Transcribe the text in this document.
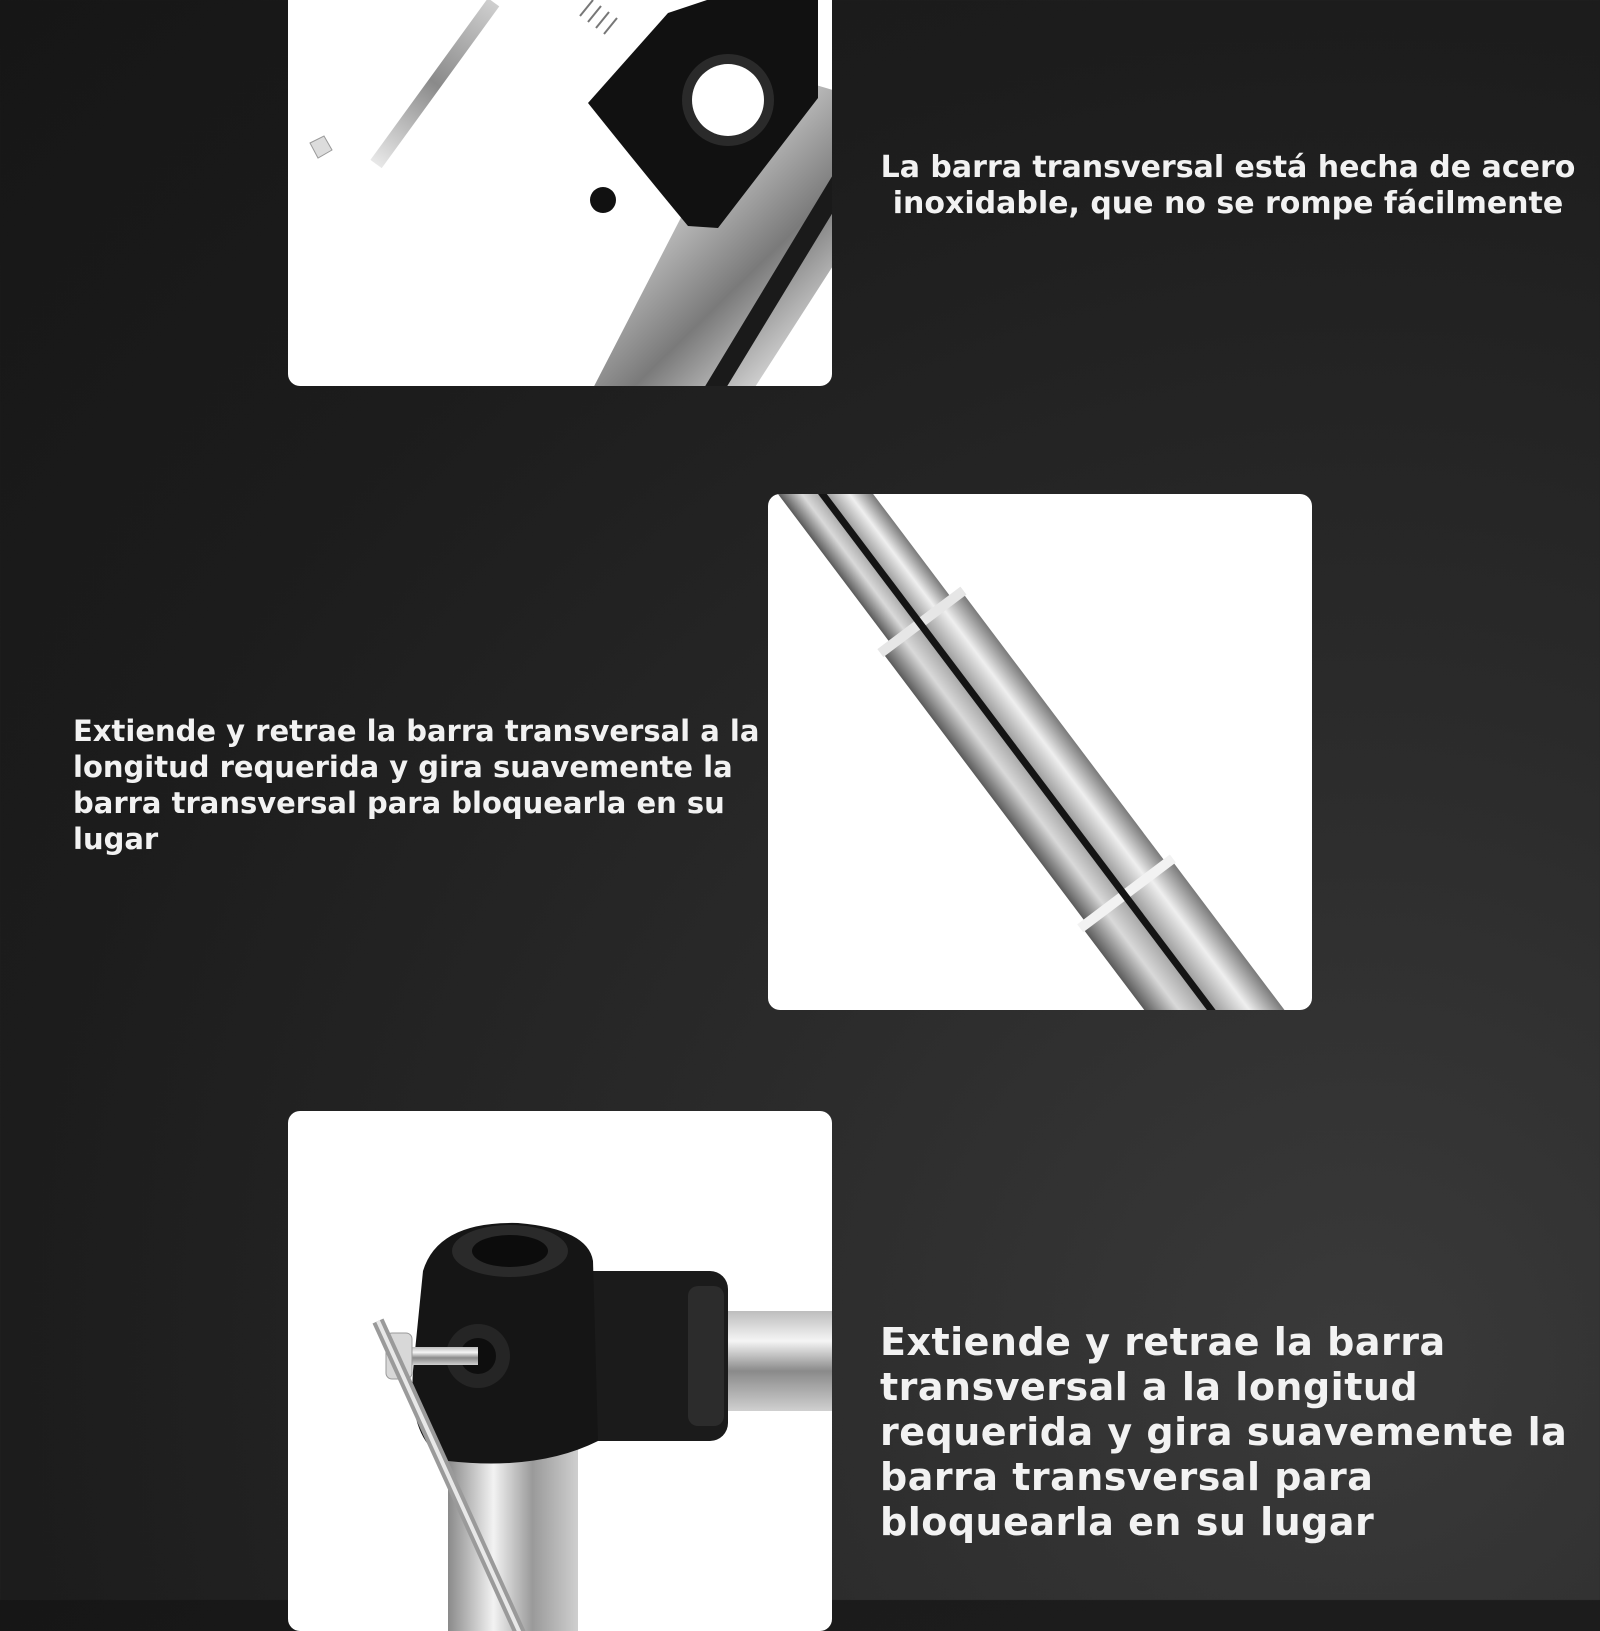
La barra transversal está hecha de acero inoxidable, que no se rompe fácilmente

Extiende y retrae la barra transversal a la longitud requerida y gira suavemente la barra transversal para bloquearla en su lugar

Extiende y retrae la barra transversal a la longitud requerida y gira suavemente la barra transversal para bloquearla en su lugar
